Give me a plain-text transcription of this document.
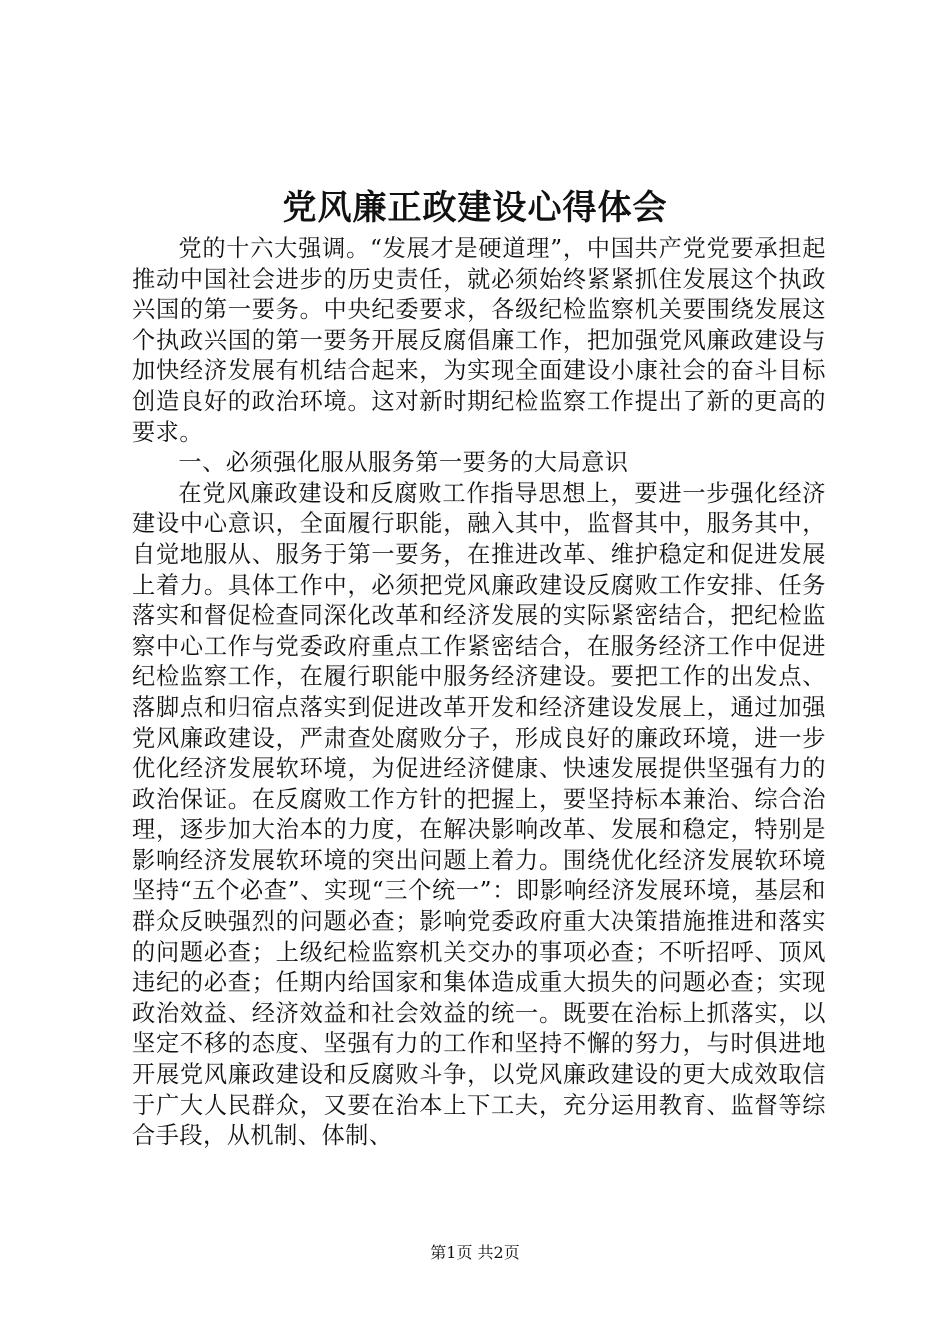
党风廉正政建设心得体会

党的十六大强调。“发展才是硬道理”，中国共产党党要承担起推动中国社会进步的历史责任，就必须始终紧紧抓住发展这个执政兴国的第一要务。中央纪委要求，各级纪检监察机关要围绕发展这个执政兴国的第一要务开展反腐倡廉工作，把加强党风廉政建设与加快经济发展有机结合起来，为实现全面建设小康社会的奋斗目标创造良好的政治环境。这对新时期纪检监察工作提出了新的更高的要求。

一、必须强化服从服务第一要务的大局意识

在党风廉政建设和反腐败工作指导思想上，要进一步强化经济建设中心意识，全面履行职能，融入其中，监督其中，服务其中，自觉地服从、服务于第一要务，在推进改革、维护稳定和促进发展上着力。具体工作中，必须把党风廉政建设反腐败工作安排、任务落实和督促检查同深化改革和经济发展的实际紧密结合，把纪检监察中心工作与党委政府重点工作紧密结合，在服务经济工作中促进纪检监察工作，在履行职能中服务经济建设。要把工作的出发点、落脚点和归宿点落实到促进改革开发和经济建设发展上，通过加强党风廉政建设，严肃查处腐败分子，形成良好的廉政环境，进一步优化经济发展软环境，为促进经济健康、快速发展提供坚强有力的政治保证。在反腐败工作方针的把握上，要坚持标本兼治、综合治理，逐步加大治本的力度，在解决影响改革、发展和稳定，特别是影响经济发展软环境的突出问题上着力。围绕优化经济发展软环境坚持“五个必查”、实现“三个统一”：即影响经济发展环境，基层和群众反映强烈的问题必查；影响党委政府重大决策措施推进和落实的问题必查；上级纪检监察机关交办的事项必查；不听招呼、顶风违纪的必查；任期内给国家和集体造成重大损失的问题必查；实现政治效益、经济效益和社会效益的统一。既要在治标上抓落实，以坚定不移的态度、坚强有力的工作和坚持不懈的努力，与时俱进地开展党风廉政建设和反腐败斗争，以党风廉政建设的更大成效取信于广大人民群众，又要在治本上下工夫，充分运用教育、监督等综合手段，从机制、体制、

第1页 共2页
